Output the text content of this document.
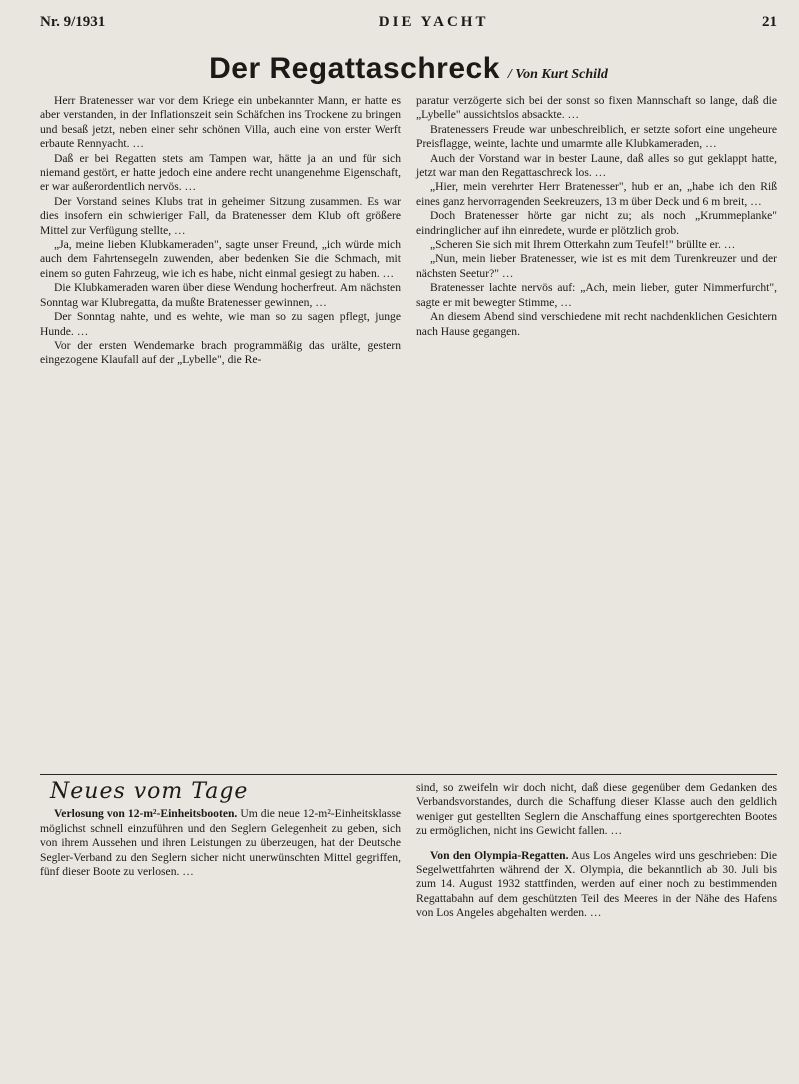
Nr. 9/1931	DIE YACHT	21
Der Regattaschreck / Von Kurt Schild

Herr Bratenesser war vor dem Kriege ein unbekannter Mann, er hatte es aber verstanden, in der Inflationszeit sein Schäfchen ins Trockene zu bringen und besaß jetzt, neben einer sehr schönen Villa, auch eine von erster Werft erbaute Rennyacht. …

Daß er bei Regatten stets am Tampen war, hätte ja an und für sich niemand gestört, er hatte jedoch eine andere recht unangenehme Eigenschaft, er war außerordentlich nervös. …

Der Vorstand seines Klubs trat in geheimer Sitzung zusammen. Es war dies insofern ein schwieriger Fall, da Bratenesser dem Klub oft größere Mittel zur Verfügung stellte, …

„Ja, meine lieben Klubkameraden", sagte unser Freund, „ich würde mich auch dem Fahrtensegeln zuwenden, aber bedenken Sie die Schmach, mit einem so guten Fahrzeug, wie ich es habe, nicht einmal gesiegt zu haben. …

Die Klubkameraden waren über diese Wendung hocherfreut. Am nächsten Sonntag war Klubregatta, da mußte Bratenesser gewinnen, …

Der Sonntag nahte, und es wehte, wie man so zu sagen pflegt, junge Hunde. …

Vor der ersten Wendemarke brach programmäßig das urälte, gestern eingezogene Klaufall auf der „Lybelle", die Re-

paratur verzögerte sich bei der sonst so fixen Mannschaft so lange, daß die „Lybelle" aussichtslos absackte. …

Bratenessers Freude war unbeschreiblich, er setzte sofort eine ungeheure Preisflagge, weinte, lachte und umarmte alle Klubkameraden, …

Auch der Vorstand war in bester Laune, daß alles so gut geklappt hatte, jetzt war man den Regattaschreck los. …

„Hier, mein verehrter Herr Bratenesser", hub er an, „habe ich den Riß eines ganz hervorragenden Seekreuzers, 13 m über Deck und 6 m breit, …

Doch Bratenesser hörte gar nicht zu; als noch „Krummeplanke" eindringlicher auf ihn einredete, wurde er plötzlich grob.

„Scheren Sie sich mit Ihrem Otterkahn zum Teufel!" brüllte er. …

„Nun, mein lieber Bratenesser, wie ist es mit dem Turenkreuzer und der nächsten Seetur?" …

Bratenesser lachte nervös auf: „Ach, mein lieber, guter Nimmerfurcht", sagte er mit bewegter Stimme, …

An diesem Abend sind verschiedene mit recht nachdenklichen Gesichtern nach Hause gegangen.

Neues vom Tage

Verlosung von 12-m²-Einheitsbooten. Um die neue 12-m²-Einheitsklasse möglichst schnell einzuführen und den Seglern Gelegenheit zu geben, sich von ihrem Aussehen und ihren Leistungen zu überzeugen, hat der Deutsche Segler-Verband zu den Seglern sicher nicht unerwünschten Mittel gegriffen, fünf dieser Boote zu verlosen. …

sind, so zweifeln wir doch nicht, daß diese gegenüber dem Gedanken des Verbandsvorstandes, durch die Schaffung dieser Klasse auch den geldlich weniger gut gestellten Seglern die Anschaffung eines sportgerechten Bootes zu ermöglichen, nicht ins Gewicht fallen. …

Von den Olympia-Regatten. Aus Los Angeles wird uns geschrieben: Die Segelwettfahrten während der X. Olympia, die bekanntlich ab 30. Juli bis zum 14. August 1932 stattfinden, werden auf einer noch zu bestimmenden Regattabahn auf dem geschützten Teil des Meeres in der Nähe des Hafens von Los Angeles abgehalten werden. …
